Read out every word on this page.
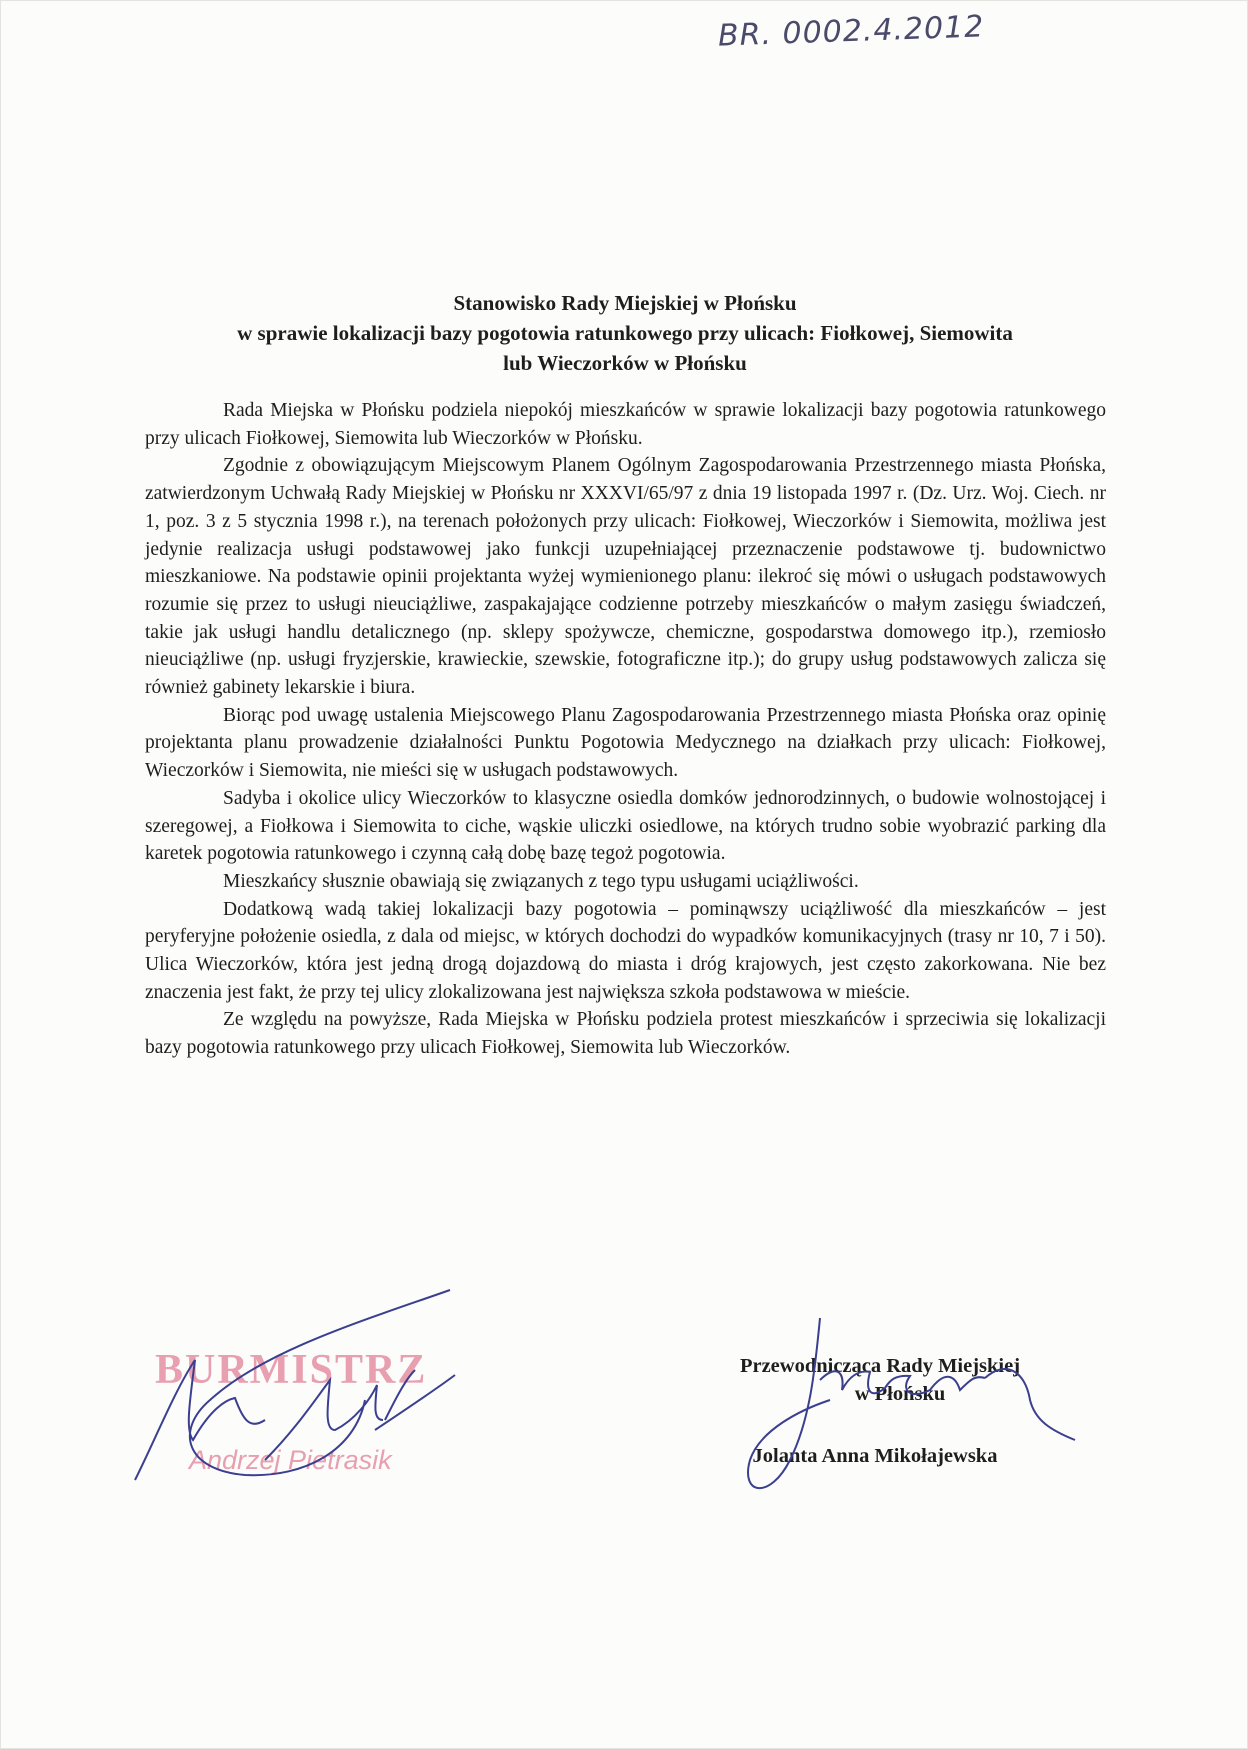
BR. 0002.4.2012
Stanowisko Rady Miejskiej w Płońsku
w sprawie lokalizacji bazy pogotowia ratunkowego przy ulicach: Fiołkowej, Siemowita
lub Wieczorków w Płońsku

Rada Miejska w Płońsku podziela niepokój mieszkańców w sprawie lokalizacji bazy pogotowia ratunkowego przy ulicach Fiołkowej, Siemowita lub Wieczorków w Płońsku.

Zgodnie z obowiązującym Miejscowym Planem Ogólnym Zagospodarowania Przestrzennego miasta Płońska, zatwierdzonym Uchwałą Rady Miejskiej w Płońsku nr XXXVI/65/97 z dnia 19 listopada 1997 r. (Dz. Urz. Woj. Ciech. nr 1, poz. 3 z 5 stycznia 1998 r.), na terenach położonych przy ulicach: Fiołkowej, Wieczorków i Siemowita, możliwa jest jedynie realizacja usługi podstawowej jako funkcji uzupełniającej przeznaczenie podstawowe tj. budownictwo mieszkaniowe. Na podstawie opinii projektanta wyżej wymienionego planu: ilekroć się mówi o usługach podstawowych rozumie się przez to usługi nieuciążliwe, zaspakajające codzienne potrzeby mieszkańców o małym zasięgu świadczeń, takie jak usługi handlu detalicznego (np. sklepy spożywcze, chemiczne, gospodarstwa domowego itp.), rzemiosło nieuciążliwe (np. usługi fryzjerskie, krawieckie, szewskie, fotograficzne itp.); do grupy usług podstawowych zalicza się również gabinety lekarskie i biura.

Biorąc pod uwagę ustalenia Miejscowego Planu Zagospodarowania Przestrzennego miasta Płońska oraz opinię projektanta planu prowadzenie działalności Punktu Pogotowia Medycznego na działkach przy ulicach: Fiołkowej, Wieczorków i Siemowita, nie mieści się w usługach podstawowych.

Sadyba i okolice ulicy Wieczorków to klasyczne osiedla domków jednorodzinnych, o budowie wolnostojącej i szeregowej, a Fiołkowa i Siemowita to ciche, wąskie uliczki osiedlowe, na których trudno sobie wyobrazić parking dla karetek pogotowia ratunkowego i czynną całą dobę bazę tegoż pogotowia.

Mieszkańcy słusznie obawiają się związanych z tego typu usługami uciążliwości.

Dodatkową wadą takiej lokalizacji bazy pogotowia – pominąwszy uciążliwość dla mieszkańców – jest peryferyjne położenie osiedla, z dala od miejsc, w których dochodzi do wypadków komunikacyjnych (trasy nr 10, 7 i 50). Ulica Wieczorków, która jest jedną drogą dojazdową do miasta i dróg krajowych, jest często zakorkowana. Nie bez znaczenia jest fakt, że przy tej ulicy zlokalizowana jest największa szkoła podstawowa w mieście.

Ze względu na powyższe, Rada Miejska w Płońsku podziela protest mieszkańców i sprzeciwia się lokalizacji bazy pogotowia ratunkowego przy ulicach Fiołkowej, Siemowita lub Wieczorków.

BURMISTRZ
Andrzej Pietrasik
Przewodnicząca Rady Miejskiej
w Płońsku
Jolanta Anna Mikołajewska
